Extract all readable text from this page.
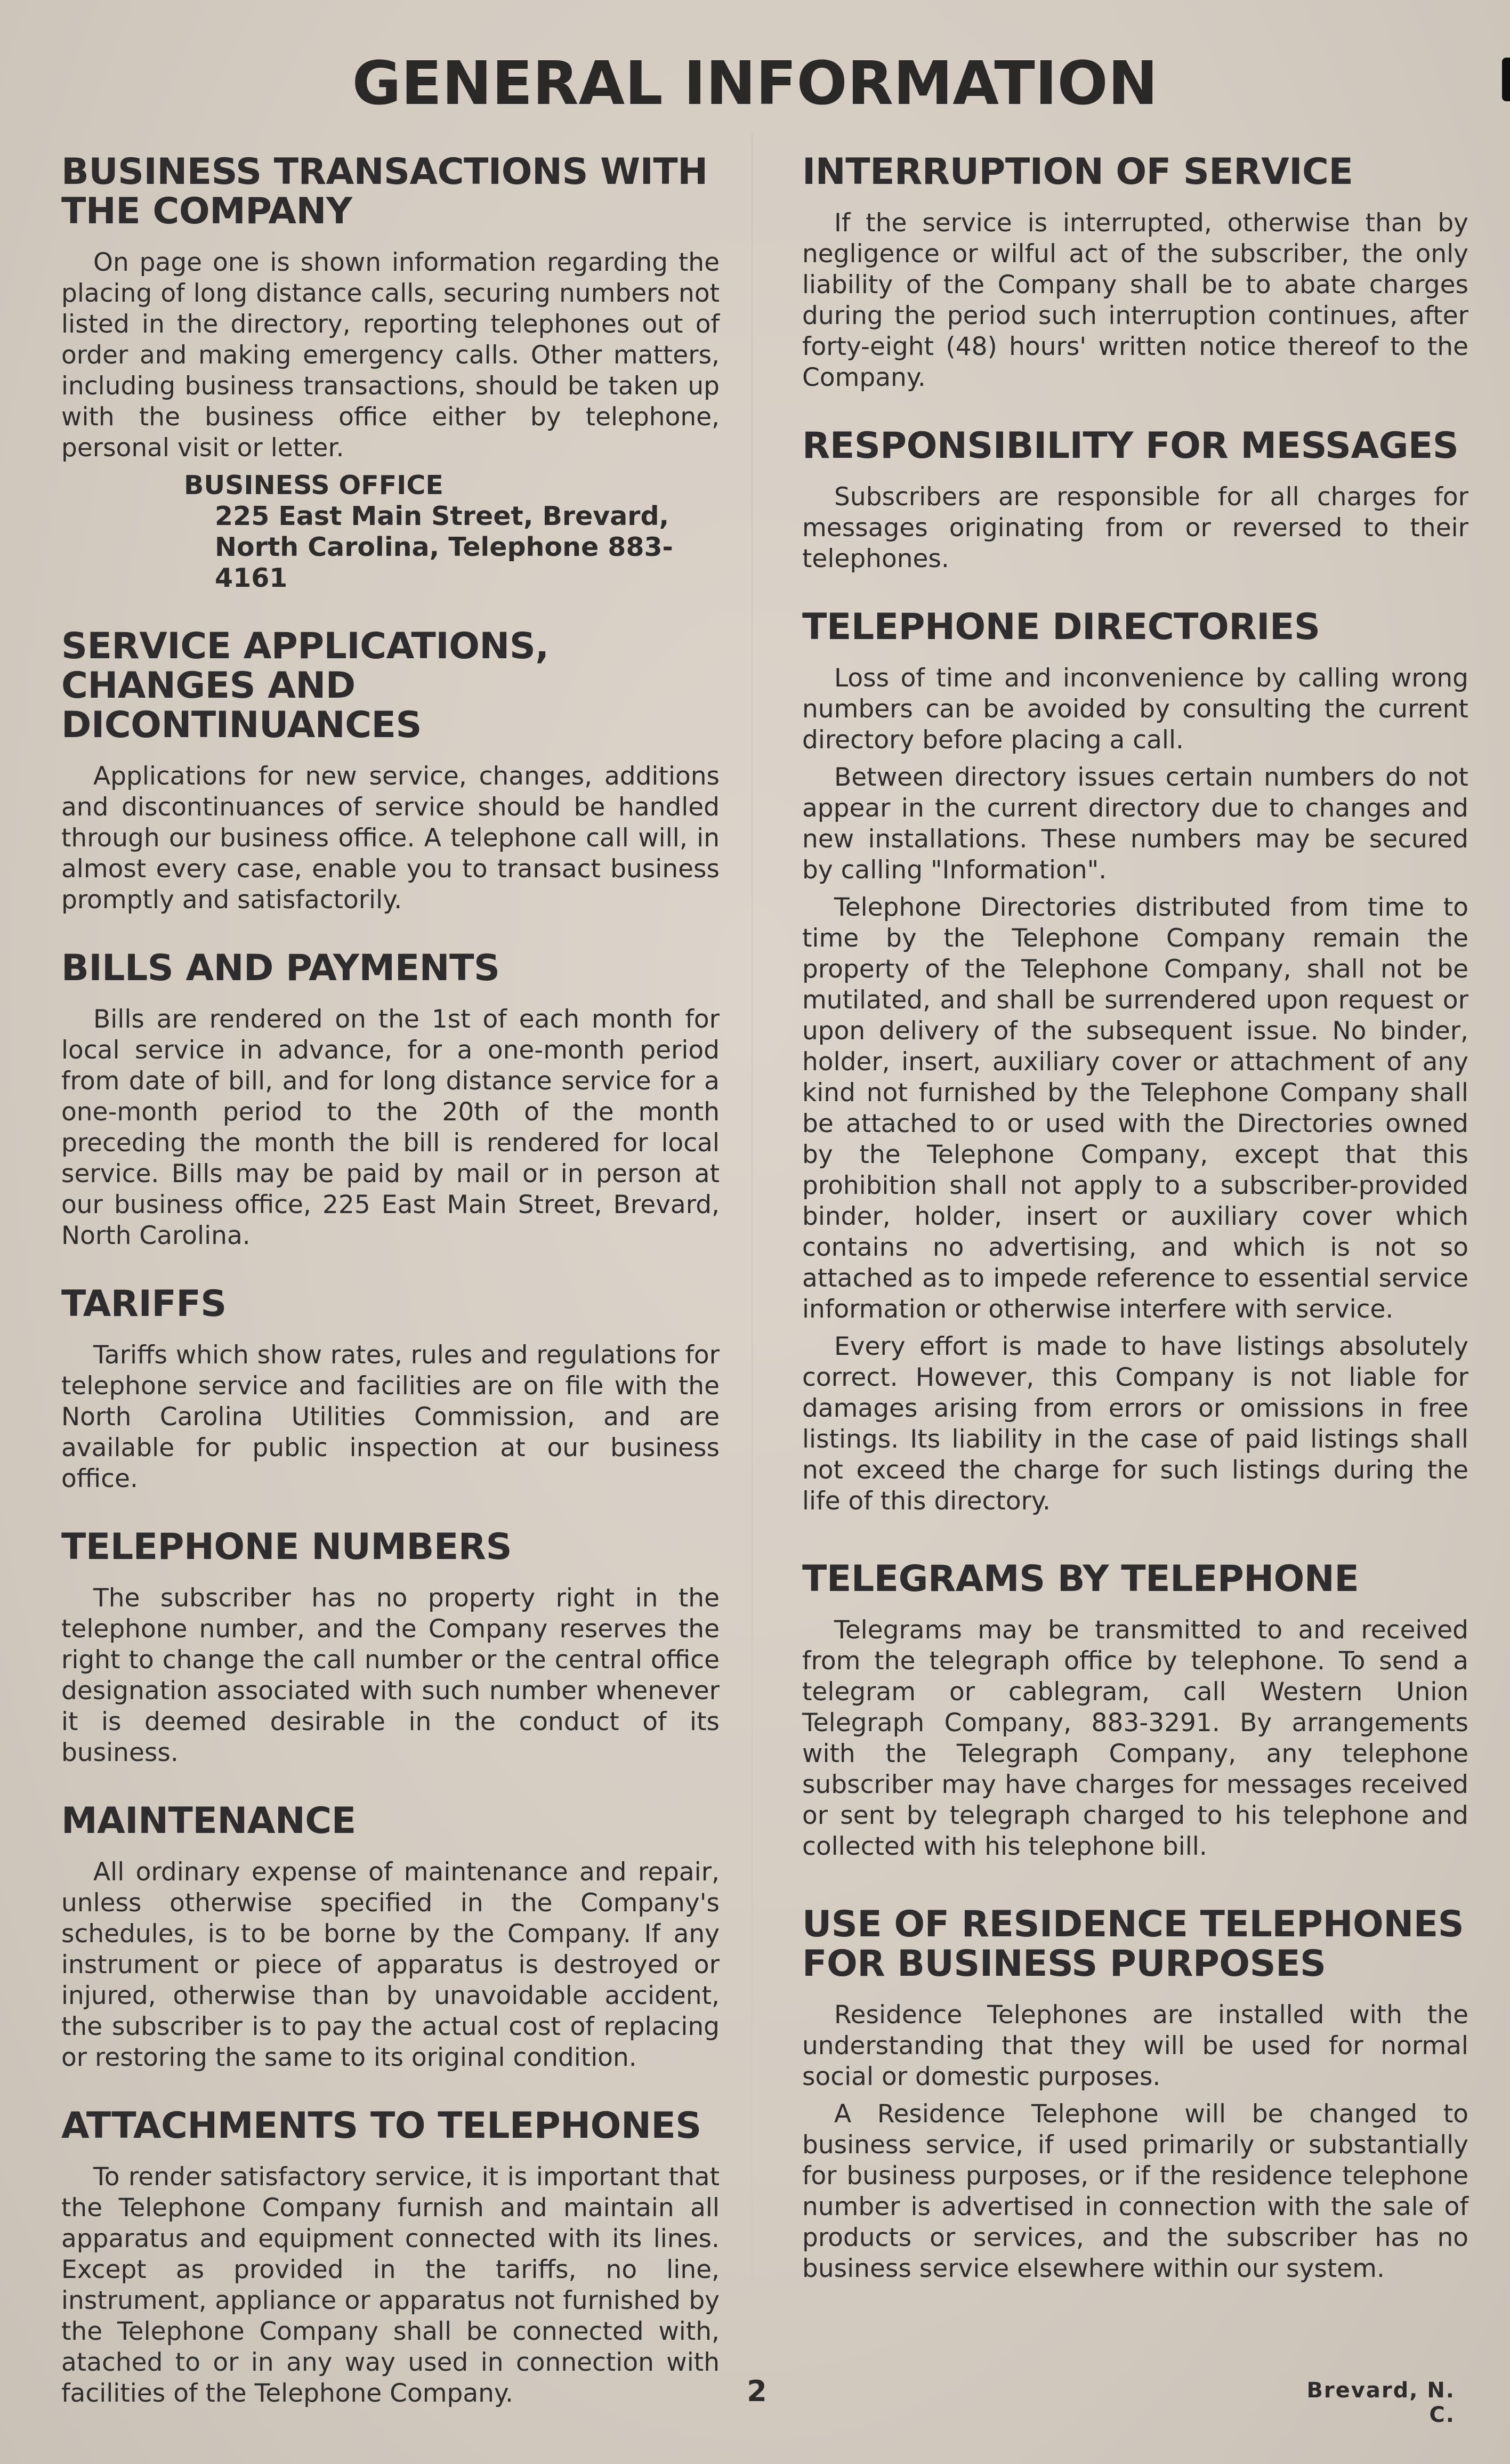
GENERAL INFORMATION
BUSINESS TRANSACTIONS WITH THE COMPANY

On page one is shown information regarding the placing of long distance calls, securing numbers not listed in the directory, reporting telephones out of order and making emergency calls. Other matters, including business transactions, should be taken up with the business office either by telephone, personal visit or letter.

BUSINESS OFFICE
225 East Main Street, Brevard,
North Carolina, Telephone 883-4161
SERVICE APPLICATIONS, CHANGES AND DICONTINUANCES

Applications for new service, changes, additions and discontinuances of service should be handled through our business office. A telephone call will, in almost every case, enable you to transact business promptly and satisfactorily.

BILLS AND PAYMENTS

Bills are rendered on the 1st of each month for local service in advance, for a one-month period from date of bill, and for long distance service for a one-month period to the 20th of the month preceding the month the bill is rendered for local service. Bills may be paid by mail or in person at our business office, 225 East Main Street, Brevard, North Carolina.

TARIFFS

Tariffs which show rates, rules and regulations for telephone service and facilities are on file with the North Carolina Utilities Commission, and are available for public inspection at our business office.

TELEPHONE NUMBERS

The subscriber has no property right in the telephone number, and the Company reserves the right to change the call number or the central office designation associated with such number whenever it is deemed desirable in the conduct of its business.

MAINTENANCE

All ordinary expense of maintenance and repair, unless otherwise specified in the Company's schedules, is to be borne by the Company. If any instrument or piece of apparatus is destroyed or injured, otherwise than by unavoidable accident, the subscriber is to pay the actual cost of replacing or restoring the same to its original condition.

ATTACHMENTS TO TELEPHONES

To render satisfactory service, it is important that the Telephone Company furnish and maintain all apparatus and equipment connected with its lines. Except as provided in the tariffs, no line, instrument, appliance or apparatus not furnished by the Telephone Company shall be connected with, atached to or in any way used in connection with facilities of the Telephone Company.

INTERRUPTION OF SERVICE

If the service is interrupted, otherwise than by negligence or wilful act of the subscriber, the only liability of the Company shall be to abate charges during the period such interruption continues, after forty-eight (48) hours' written notice thereof to the Company.

RESPONSIBILITY FOR MESSAGES

Subscribers are responsible for all charges for messages originating from or reversed to their telephones.

TELEPHONE DIRECTORIES

Loss of time and inconvenience by calling wrong numbers can be avoided by consulting the current directory before placing a call.

Between directory issues certain numbers do not appear in the current directory due to changes and new installations. These numbers may be secured by calling "Information".

Telephone Directories distributed from time to time by the Telephone Company remain the property of the Telephone Company, shall not be mutilated, and shall be surrendered upon request or upon delivery of the subsequent issue. No binder, holder, insert, auxiliary cover or attachment of any kind not furnished by the Telephone Company shall be attached to or used with the Directories owned by the Telephone Company, except that this prohibition shall not apply to a subscriber-provided binder, holder, insert or auxiliary cover which contains no advertising, and which is not so attached as to impede reference to essential service information or otherwise interfere with service.

Every effort is made to have listings absolutely correct. However, this Company is not liable for damages arising from errors or omissions in free listings. Its liability in the case of paid listings shall not exceed the charge for such listings during the life of this directory.

TELEGRAMS BY TELEPHONE

Telegrams may be transmitted to and received from the telegraph office by telephone. To send a telegram or cablegram, call Western Union Telegraph Company, 883-3291. By arrangements with the Telegraph Company, any telephone subscriber may have charges for messages received or sent by telegraph charged to his telephone and collected with his telephone bill.

USE OF RESIDENCE TELEPHONES FOR BUSINESS PURPOSES

Residence Telephones are installed with the understanding that they will be used for normal social or domestic purposes.

A Residence Telephone will be changed to business service, if used primarily or substantially for business purposes, or if the residence telephone number is advertised in connection with the sale of products or services, and the subscriber has no business service elsewhere within our system.

2	Brevard, N. C.
